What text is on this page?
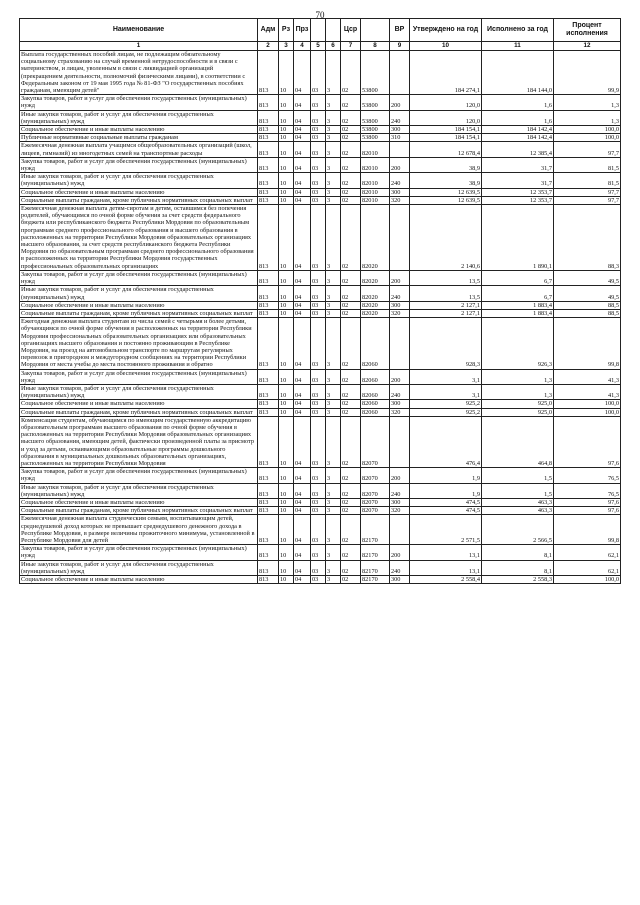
70
Наименование	Адм	Рз	Прз			Цср		ВР	Утверждено на год	Исполнено за год	Процент исполнения
1	2	3	4	5	6	7	8	9	10	11	12
Выплата государственных пособий лицам, не подлежащим обязательному социальному страхованию на случай временной нетрудоспособности и в связи с материнством, и лицам, уволенным в связи с ликвидацией организаций (прекращением деятельности, полномочий физическими лицами), в соответствии с Федеральным законом от 19 мая 1995 года № 81-ФЗ "О государственных пособиях гражданам, имеющим детей"	813	10	04	03	3	02	53800		184 274,1	184 144,0	99,9
Закупка товаров, работ и услуг для обеспечения государственных (муниципальных) нужд	813	10	04	03	3	02	53800	200	120,0	1,6	1,3
Иные закупки товаров, работ и услуг для обеспечения государственных (муниципальных) нужд	813	10	04	03	3	02	53800	240	120,0	1,6	1,3
Социальное обеспечение и иные выплаты населению	813	10	04	03	3	02	53800	300	184 154,1	184 142,4	100,0
Публичные нормативные социальные выплаты гражданам	813	10	04	03	3	02	53800	310	184 154,1	184 142,4	100,0
Ежемесячная денежная выплата учащимся общеобразовательных организаций (школ, лицеев, гимназий) из многодетных семей на транспортные расходы	813	10	04	03	3	02	82010		12 678,4	12 385,4	97,7
Закупка товаров, работ и услуг для обеспечения государственных (муниципальных) нужд	813	10	04	03	3	02	82010	200	38,9	31,7	81,5
Иные закупки товаров, работ и услуг для обеспечения государственных (муниципальных) нужд	813	10	04	03	3	02	82010	240	38,9	31,7	81,5
Социальное обеспечение и иные выплаты населению	813	10	04	03	3	02	82010	300	12 639,5	12 353,7	97,7
Социальные выплаты гражданам, кроме публичных нормативных социальных выплат	813	10	04	03	3	02	82010	320	12 639,5	12 353,7	97,7
Ежемесячная денежная выплата детям-сиротам и детям, оставшимся без попечения родителей, обучающимся по очной форме обучения за счет средств федерального бюджета или республиканского бюджета Республики Мордовия по образовательным программам среднего профессионального образования и высшего образования в расположенных на территории Республики Мордовия образовательных организациях высшего образования, за счет средств республиканского бюджета Республики Мордовия по образовательным программам среднего профессионального образования в расположенных на территории Республики Мордовия государственных профессиональных образовательных организациях	813	10	04	03	3	02	82020		2 140,6	1 890,1	88,3
Закупка товаров, работ и услуг для обеспечения государственных (муниципальных) нужд	813	10	04	03	3	02	82020	200	13,5	6,7	49,5
Иные закупки товаров, работ и услуг для обеспечения государственных (муниципальных) нужд	813	10	04	03	3	02	82020	240	13,5	6,7	49,5
Социальное обеспечение и иные выплаты населению	813	10	04	03	3	02	82020	300	2 127,1	1 883,4	88,5
Социальные выплаты гражданам, кроме публичных нормативных социальных выплат	813	10	04	03	3	02	82020	320	2 127,1	1 883,4	88,5
Ежегодная денежная выплата студентам из числа семей с четырьмя и более детьми, обучающимся по очной форме обучения в расположенных на территории Республики Мордовия профессиональных образовательных организациях или образовательных организациях высшего образования и постоянно проживающим в Республике Мордовия, на проезд на автомобильном транспорте по маршрутам регулярных перевозок в пригородном и междугородном сообщениях на территории Республики Мордовия от места учебы до места постоянного проживания и обратно	813	10	04	03	3	02	82060		928,3	926,3	99,8
Закупка товаров, работ и услуг для обеспечения государственных (муниципальных) нужд	813	10	04	03	3	02	82060	200	3,1	1,3	41,3
Иные закупки товаров, работ и услуг для обеспечения государственных (муниципальных) нужд	813	10	04	03	3	02	82060	240	3,1	1,3	41,3
Социальное обеспечение и иные выплаты населению	813	10	04	03	3	02	82060	300	925,2	925,0	100,0
Социальные выплаты гражданам, кроме публичных нормативных социальных выплат	813	10	04	03	3	02	82060	320	925,2	925,0	100,0
Компенсация студентам, обучающимся по имеющим государственную аккредитацию образовательным программам высшего образования по очной форме обучения в расположенных на территории Республики Мордовия образовательных организациях высшего образования, имеющим детей, фактически произведенной платы за присмотр и уход за детьми, осваивающими образовательные программы дошкольного образования в муниципальных дошкольных образовательных организациях, расположенных на территории Республики Мордовия	813	10	04	03	3	02	82070		476,4	464,8	97,6
Закупка товаров, работ и услуг для обеспечения государственных (муниципальных) нужд	813	10	04	03	3	02	82070	200	1,9	1,5	76,5
Иные закупки товаров, работ и услуг для обеспечения государственных (муниципальных) нужд	813	10	04	03	3	02	82070	240	1,9	1,5	76,5
Социальное обеспечение и иные выплаты населению	813	10	04	03	3	02	82070	300	474,5	463,3	97,6
Социальные выплаты гражданам, кроме публичных нормативных социальных выплат	813	10	04	03	3	02	82070	320	474,5	463,3	97,6
Ежемесячная денежная выплата студенческим семьям, воспитывающим детей, среднедушевой доход которых не превышает среднедушевого денежного дохода в Республике Мордовия, в размере величины прожиточного минимума, установленной в Республике Мордовия для детей	813	10	04	03	3	02	82170		2 571,5	2 566,5	99,8
Закупка товаров, работ и услуг для обеспечения государственных (муниципальных) нужд	813	10	04	03	3	02	82170	200	13,1	8,1	62,1
Иные закупки товаров, работ и услуг для обеспечения государственных (муниципальных) нужд	813	10	04	03	3	02	82170	240	13,1	8,1	62,1
Социальное обеспечение и иные выплаты населению	813	10	04	03	3	02	82170	300	2 558,4	2 558,3	100,0
